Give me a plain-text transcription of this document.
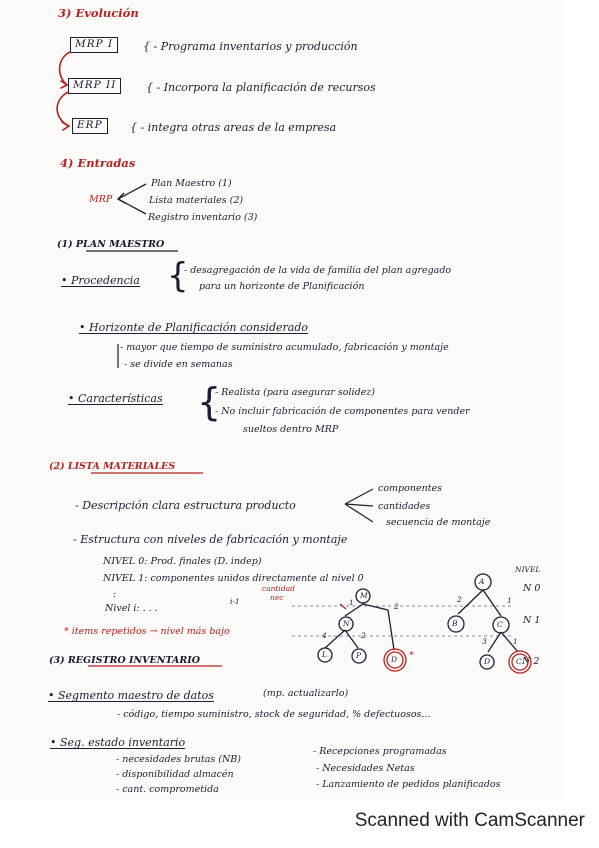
3) Evolución
MRP I	{ - Programa inventarios y producción
MRP II	{ - Incorpora la planificación de recursos
ERP	{ - integra otras areas de la empresa
4) Entradas
MRP
Plan Maestro (1)
Lista materiales (2)
Registro inventario (3)
(1) PLAN MAESTRO
• Procedencia {
- desagregación de la vida de familia del plan agregado
para un horizonte de Planificación
• Horizonte de Planificación considerado
- mayor que tiempo de suministro acumulado, fabricación y montaje
- se divide en semanas
• Características {
- Realista (para asegurar solidez)
- No incluir fabricación de componentes para vender
sueltos dentro MRP
(2) LISTA MATERIALES
- Descripción clara estructura producto
componentes
cantidades
secuencia de montaje
- Estructura con niveles de fabricación y montaje
NIVEL 0: Prod. finales (D. indep)
NIVEL 1: componentes unidos directamente al nivel 0
cantidad
nec
:
Nivel i: . . .
i-1
* items repetidos → nivel más bajo
NIVEL
N 0
N 1
N 2
M
N
L	P	D *
A
B	C
D	C
1	2
4	2
2	1
3	1
(3) REGISTRO INVENTARIO
• Segmento maestro de datos	(mp. actualizarlo)
- código, tiempo suministro, stock de seguridad, % defectuosos...
• Seg. estado inventario
- necesidades brutas (NB)
- disponibilidad almacén
- cant. comprometida
- Recepciones programadas
- Necesidades Netas
- Lanzamiento de pedidos planificados
Scanned with CamScanner
